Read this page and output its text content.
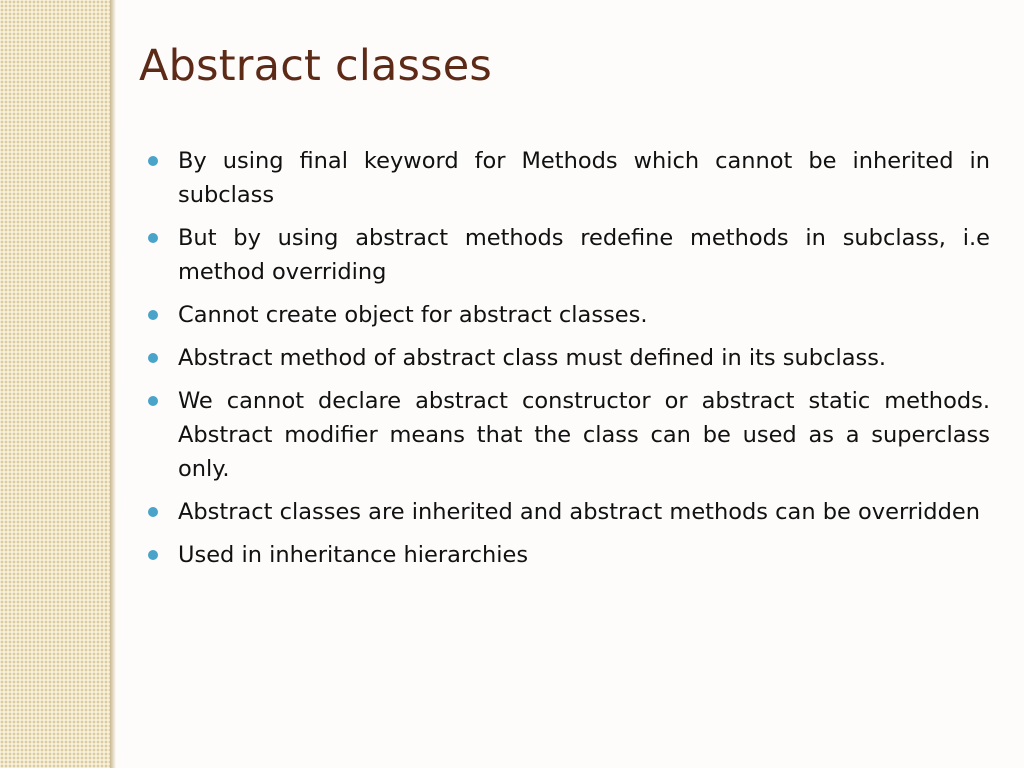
Abstract classes
By using final keyword for Methods which cannot be inherited in subclass
But by using abstract methods redefine methods in subclass, i.e method overriding
Cannot create object for abstract classes.
Abstract method of abstract class must defined in its subclass.
We cannot declare abstract constructor or abstract static methods. Abstract modifier means that the class can be used as a superclass only.
Abstract classes are inherited and abstract methods can be overridden
Used in inheritance hierarchies
